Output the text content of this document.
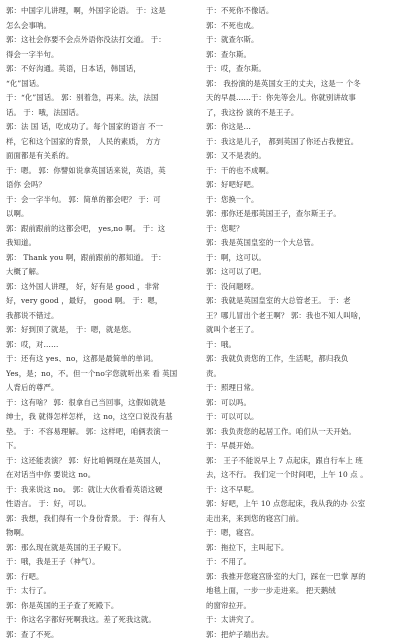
郭：中国字儿讲理，啊，外国字论语。 于：这是
怎么会事呐。
郭：这社会你要不会点外语你没法打交道。 于：
得会一字半句。
郭：不好沟通。英语，日本话，韩国话，
“化”国话。
于：“化”国话。 郭：别着急，再来。法，法国
话。 于：哦，法国话。
郭：法 国 话，吃成功了。每个国家的语言 不一
样，它和这个国家的背景， 人民的素质， 方方
面面都是有关系的。
于：嗯。 郭：你譬如说拿英国话来说，英语，英
语你 会吗？
于：会一字半句。 郭：简单的都会吧？ 于：可
以啊。
郭：跟前跟前的这都会吧， yes,no 啊。 于：这
我知道。
郭： Thank you 啊，跟前跟前的都知道。 于：
大概了解。
郭：这外国人讲理， 好，好有是 good ，非常
好，very good ，最好， good 啊。 于：嗯，
我都说不错过。
郭：好到顶了就是， 于：嗯，就是您。
郭：哎，对……
于：还有这 yes、no，这都是最简单的单词。
Yes，是；no，不。但一个no字您就听出来 看 英国
人背后的尊严。
于：这有啥？ 郭：很拿自己当回事，这假如就是
绅士，我 就得怎样怎样， 这 no，这空口说没有基
垫。 于：不容易理解。 郭：这样吧，咱俩表演一
下。
于：这还能表演？ 郭：好比咱俩现在是英国人，
在对话当中你 要说这 no。
于：我来说这 no。 郭：就让大伙看看英语这硬
性语言。 于：好，可以。
郭：我想，我们得有一个身份背景。 于：得有人
物啊。
郭：那么现在就是英国的王子殿下。
于：哦，我是王子（神气）。
郭：行吧。
于：太行了。
郭：你是英国的王子查了死殿下。
于：你这名字都好死啊我这。差了死我这就。
郭：查了不死。
于：不死你不像话。
郭：不死也成。
于：就查尔斯。
郭：查尔斯。
于：哎，查尔斯。
郭： 我扮演的是英国女王的丈夫，这是一 个冬
天的早晨……于：你先等会儿。你就别讲故事
了，我这扮 演的不是王子。
郭：你这是…
于：我这是儿子， 都到英国了你还占我便宜。
郭：又不是表的。
于：干的也不成啊。
郭：好吧好吧。
于：您换一个。
郭：那你还是那英国王子，查尔斯王子。
于：您呢？
郭：我是英国皇室的一个大总管。
于：啊，这可以。
郭：这可以了吧。
于：没问题呀。
郭：我就是英国皇室的大总管老王。 于：老
王？哪儿冒出个老王啊？ 郭：我也不知人叫啥，
就叫个老王了。
于：哦。
郭：我就负责您的工作，生活呢，都归我负
责。
于：照理日常。
郭：可以吗。
于：可以可以。
郭：我负责您的起居工作。咱们从一天开始。
于：早晨开始。
郭： 王子不能说早上 7 点起床，跟自行车上 班
去，这不行。 我们定一个时间吧，上午 10 点 。
于：这不早呢。
郭：好吧，上午 10 点您起床，我从我的办 公室
走出来，来到您的寝宫门前。
于：嗯，寝宫。
郭：拖拉下，主叫起下。
于：不用了。
郭：我推开您寝宫卧室的大门，踩在一巴掌 厚的
地毯上面，一步一步走进来。 把天鹅绒
的窗帘拉开。
于：太讲究了。
郭：把炉子端出去。
